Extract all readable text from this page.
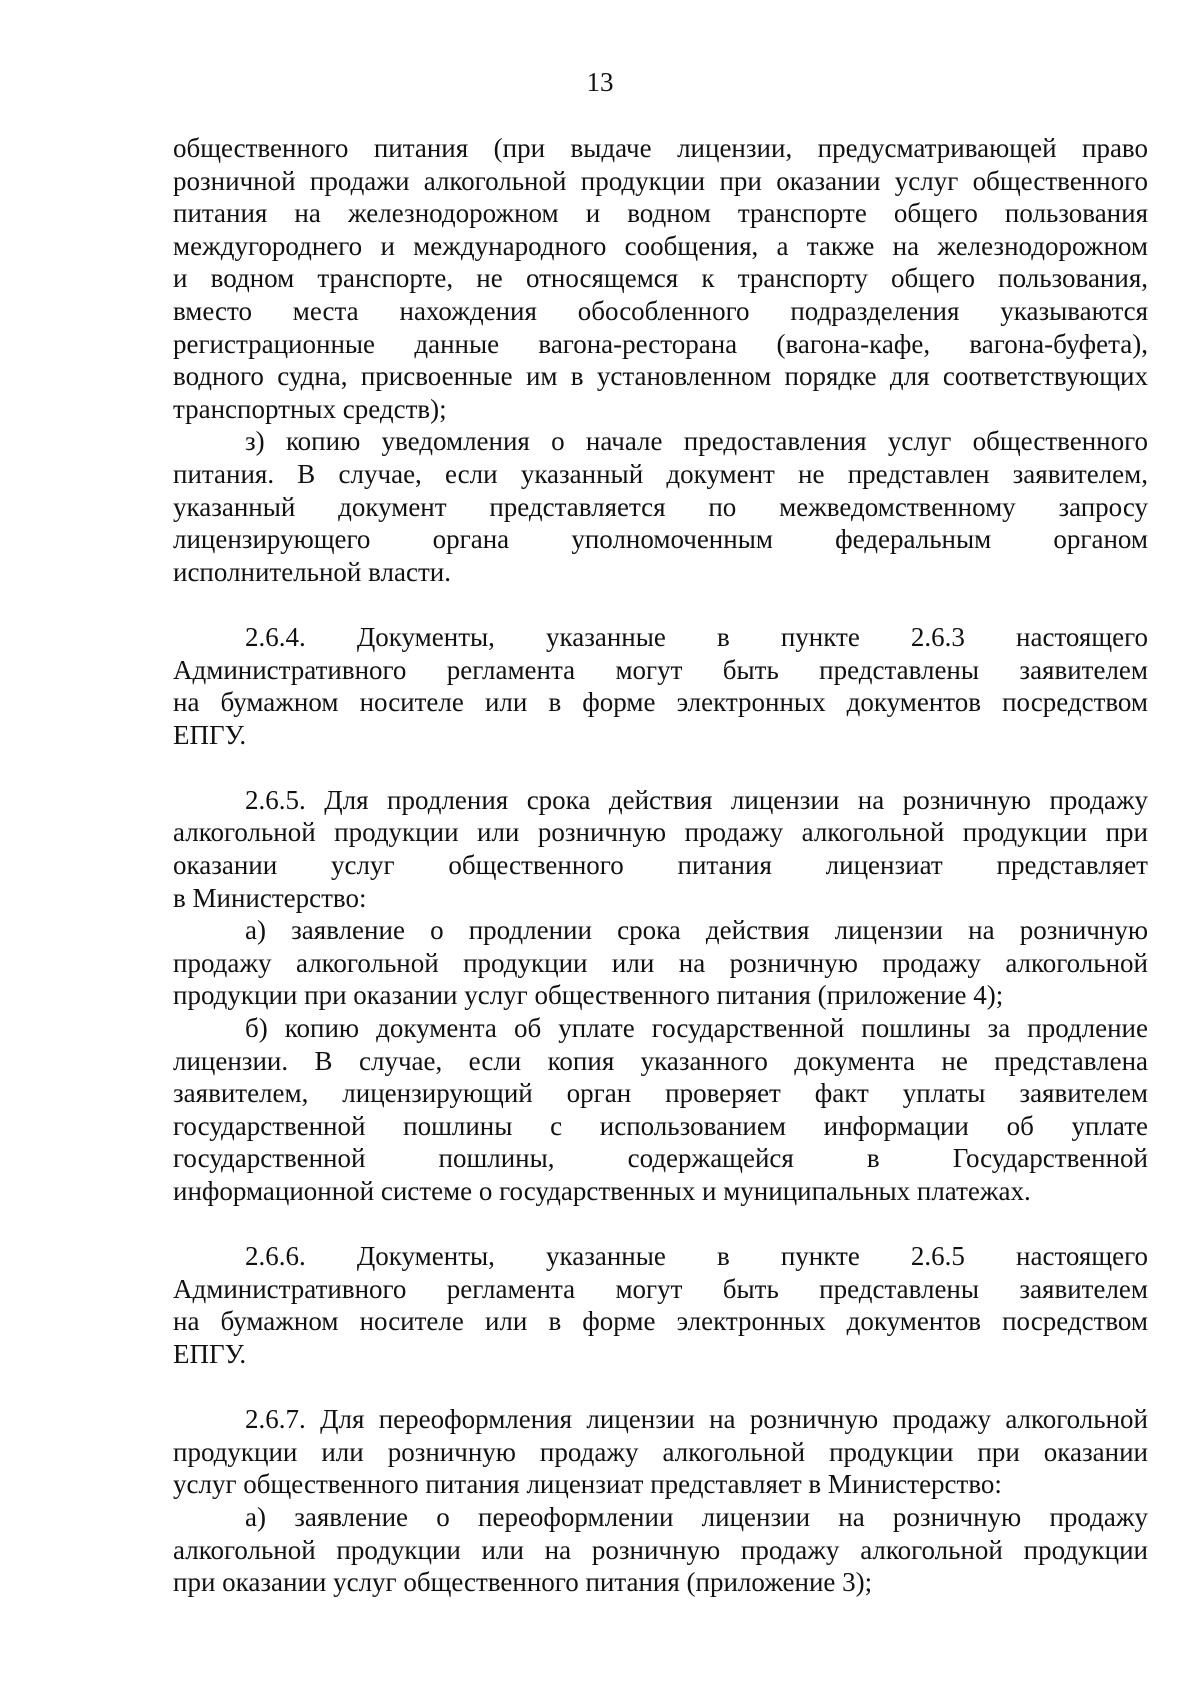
13

общественного питания (при выдаче лицензии, предусматривающей право

розничной продажи алкогольной продукции при оказании услуг общественного

питания на железнодорожном и водном транспорте общего пользования

междугороднего и международного сообщения, а также на железнодорожном

и водном транспорте, не относящемся к транспорту общего пользования,

вместо места нахождения обособленного подразделения указываются

регистрационные данные вагона-ресторана (вагона-кафе, вагона-буфета),

водного судна, присвоенные им в установленном порядке для соответствующих

транспортных средств);

з) копию уведомления о начале предоставления услуг общественного

питания. В случае, если указанный документ не представлен заявителем,

указанный документ представляется по межведомственному запросу

лицензирующего органа уполномоченным федеральным органом

исполнительной власти.

2.6.4. Документы, указанные в пункте 2.6.3 настоящего

Административного регламента могут быть представлены заявителем

на бумажном носителе или в форме электронных документов посредством

ЕПГУ.

2.6.5. Для продления срока действия лицензии на розничную продажу

алкогольной продукции или розничную продажу алкогольной продукции при

оказании услуг общественного питания лицензиат представляет

в Министерство:

а) заявление о продлении срока действия лицензии на розничную

продажу алкогольной продукции или на розничную продажу алкогольной

продукции при оказании услуг общественного питания (приложение 4);

б) копию документа об уплате государственной пошлины за продление

лицензии. В случае, если копия указанного документа не представлена

заявителем, лицензирующий орган проверяет факт уплаты заявителем

государственной пошлины с использованием информации об уплате

государственной пошлины, содержащейся в Государственной

информационной системе о государственных и муниципальных платежах.

2.6.6. Документы, указанные в пункте 2.6.5 настоящего

Административного регламента могут быть представлены заявителем

на бумажном носителе или в форме электронных документов посредством

ЕПГУ.

2.6.7. Для переоформления лицензии на розничную продажу алкогольной

продукции или розничную продажу алкогольной продукции при оказании

услуг общественного питания лицензиат представляет в Министерство:

а) заявление о переоформлении лицензии на розничную продажу

алкогольной продукции или на розничную продажу алкогольной продукции

при оказании услуг общественного питания (приложение 3);
